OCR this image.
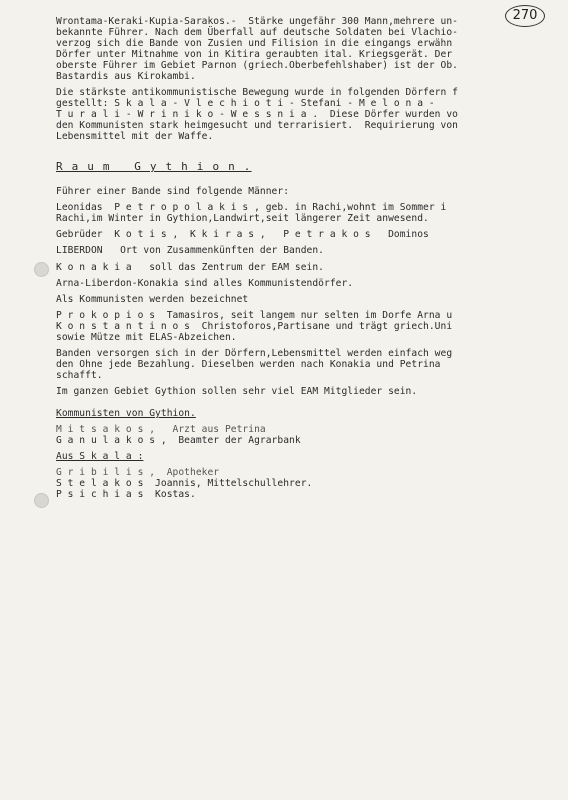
270
Wrontama-Keraki-Kupia-Sarakos.-  Stärke ungefähr 300 Mann,mehrere un-
bekannte Führer. Nach dem Überfall auf deutsche Soldaten bei Vlachio-
verzog sich die Bande von Zusien und Filision in die eingangs erwähn
Dörfer unter Mitnahme von in Kitira geraubten ital. Kriegsgerät. Der
oberste Führer im Gebiet Parnon (griech.Oberbefehlshaber) ist der Ob.
Bastardis aus Kirokambi.
Die stärkste antikommunistische Bewegung wurde in folgenden Dörfern f
gestellt: S k a l a - V l e c h i o t i - Stefani - M e l o n a -
T u r a l i - W r i n i k o - W e s s n i a .  Diese Dörfer wurden vo
den Kommunisten stark heimgesucht und terrarisiert.  Requirierung von
Lebensmittel mit der Waffe.
R a u m   G y t h i o n .
Führer einer Bande sind folgende Männer:
Leonidas  P e t r o p o l a k i s , geb. in Rachi,wohnt im Sommer i
Rachi,im Winter in Gythion,Landwirt,seit längerer Zeit anwesend.
Gebrüder  K o t i s ,  K k i r a s ,   P e t r a k o s   Dominos
LIBERDON   Ort von Zusammenkünften der Banden.
K o n a k i a   soll das Zentrum der EAM sein.
Arna-Liberdon-Konakia sind alles Kommunistendörfer.
Als Kommunisten werden bezeichnet
P r o k o p i o s  Tamasiros, seit langem nur selten im Dorfe Arna u
K o n s t a n t i n o s  Christoforos,Partisane und trägt griech.Uni
sowie Mütze mit ELAS-Abzeichen.
Banden versorgen sich in der Dörfern,Lebensmittel werden einfach weg
den Ohne jede Bezahlung. Dieselben werden nach Konakia und Petrina
schafft.
Im ganzen Gebiet Gythion sollen sehr viel EAM Mitglieder sein.
Kommunisten von Gythion.
M i t s a k o s ,   Arzt aus Petrina
G a n u l a k o s ,  Beamter der Agrarbank
Aus S k a l a :
G r i b i l i s ,  Apotheker
S t e l a k o s  Joannis, Mittelschullehrer.
P s i c h i a s  Kostas.
